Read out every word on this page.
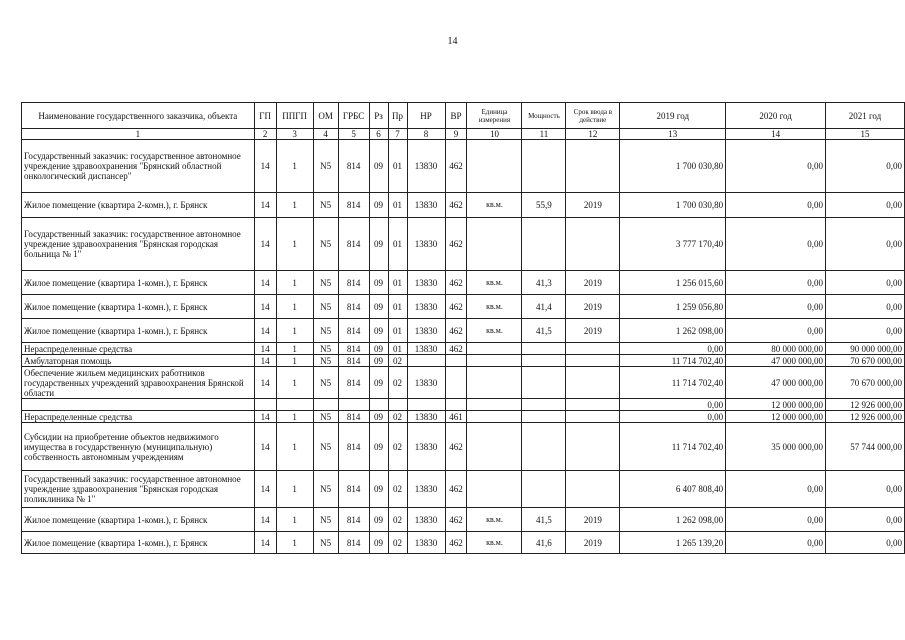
14
Наименование государственного заказчика, объекта	ГП	ППГП	ОМ	ГРБС	Рз	Пр	НР	ВР	Единица измерения	Мощность	Срок ввода в действие	2019 год	2020 год	2021 год
1	2	3	4	5	6	7	8	9	10	11	12	13	14	15
Государственный заказчик: государственное автономное учреждение здравоохранения "Брянский областной онкологический диспансер"	14	1	N5	814	09	01	13830	462				1 700 030,80	0,00	0,00
Жилое помещение (квартира 2-комн.), г. Брянск	14	1	N5	814	09	01	13830	462	кв.м.	55,9	2019	1 700 030,80	0,00	0,00
Государственный заказчик: государственное автономное учреждение здравоохранения "Брянская городская больница № 1"	14	1	N5	814	09	01	13830	462				3 777 170,40	0,00	0,00
Жилое помещение (квартира 1-комн.), г. Брянск	14	1	N5	814	09	01	13830	462	кв.м.	41,3	2019	1 256 015,60	0,00	0,00
Жилое помещение (квартира 1-комн.), г. Брянск	14	1	N5	814	09	01	13830	462	кв.м.	41,4	2019	1 259 056,80	0,00	0,00
Жилое помещение (квартира 1-комн.), г. Брянск	14	1	N5	814	09	01	13830	462	кв.м.	41,5	2019	1 262 098,00	0,00	0,00
Нераспределенные средства	14	1	N5	814	09	01	13830	462				0,00	80 000 000,00	90 000 000,00
Амбулаторная помощь	14	1	N5	814	09	02						11 714 702,40	47 000 000,00	70 670 000,00
Обеспечение жильем медицинских работников государственных учреждений здравоохранения Брянской области	14	1	N5	814	09	02	13830					11 714 702,40	47 000 000,00	70 670 000,00
												0,00	12 000 000,00	12 926 000,00
Нераспределенные средства	14	1	N5	814	09	02	13830	461				0,00	12 000 000,00	12 926 000,00
Субсидии на приобретение объектов недвижимого имущества в государственную (муниципальную) собственность автономным учреждениям	14	1	N5	814	09	02	13830	462				11 714 702,40	35 000 000,00	57 744 000,00
Государственный заказчик: государственное автономное учреждение здравоохранения "Брянская городская поликлиника № 1"	14	1	N5	814	09	02	13830	462				6 407 808,40	0,00	0,00
Жилое помещение (квартира 1-комн.), г. Брянск	14	1	N5	814	09	02	13830	462	кв.м.	41,5	2019	1 262 098,00	0,00	0,00
Жилое помещение (квартира 1-комн.), г. Брянск	14	1	N5	814	09	02	13830	462	кв.м.	41,6	2019	1 265 139,20	0,00	0,00
